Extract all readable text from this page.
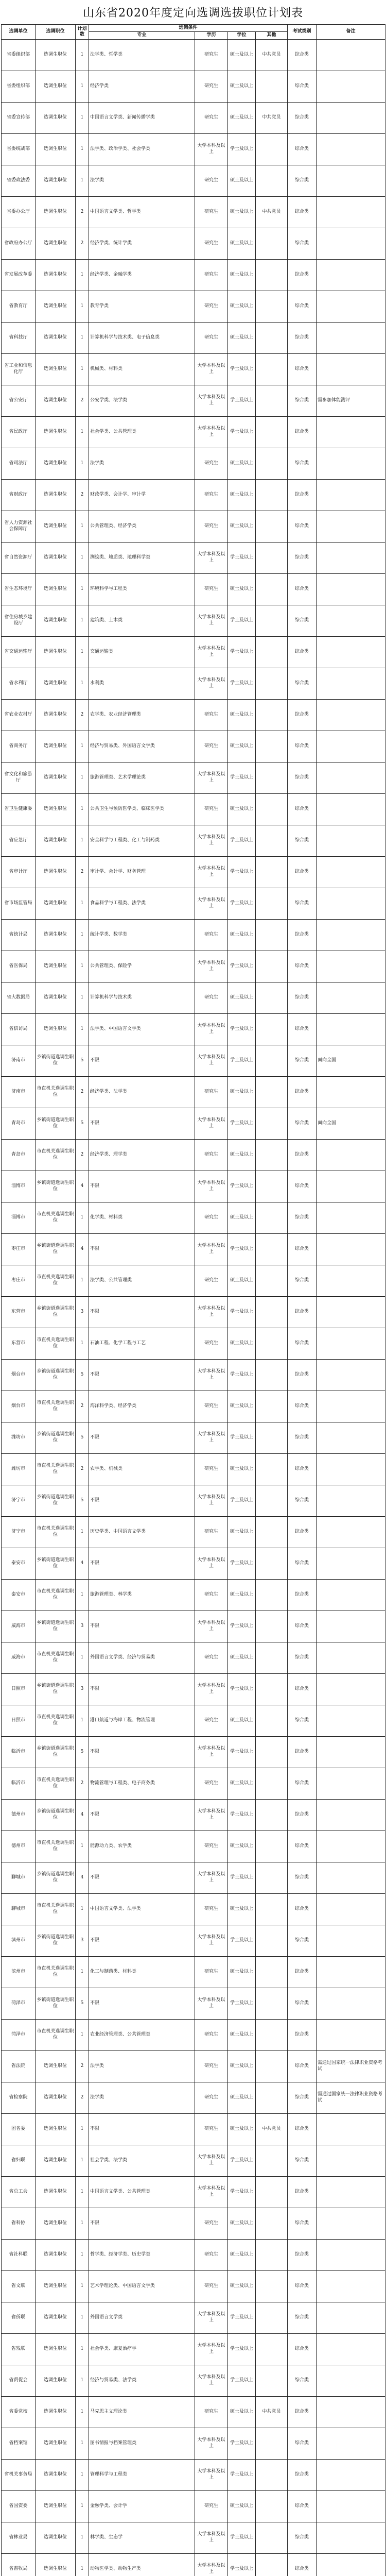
山东省2020年度定向选调选拔职位计划表
选调单位	选调职位	计划数	选调条件				考试类别	备注
			专业	学历	学位	其他		
省委组织部	选调生职位	1	法学类、哲学类	研究生	硕士及以上	中共党员	综合类	
省委组织部	选调生职位	1	经济学类	研究生	硕士及以上		综合类	
省委宣传部	选调生职位	1	中国语言文学类、新闻传播学类	研究生	硕士及以上	中共党员	综合类	
省委统战部	选调生职位	1	法学类、政治学类、社会学类	大学本科及以上	学士及以上		综合类	
省委政法委	选调生职位	1	法学类	研究生	硕士及以上		综合类	
省委办公厅	选调生职位	2	中国语言文学类、哲学类	研究生	硕士及以上	中共党员	综合类	
省政府办公厅	选调生职位	2	经济学类、统计学类	研究生	硕士及以上		综合类	
省发展改革委	选调生职位	1	经济学类、金融学类	研究生	硕士及以上		综合类	
省教育厅	选调生职位	1	教育学类	研究生	硕士及以上		综合类	
省科技厅	选调生职位	1	计算机科学与技术类、电子信息类	研究生	硕士及以上		综合类	
省工业和信息化厅	选调生职位	1	机械类、材料类	大学本科及以上	学士及以上		综合类	
省公安厅	选调生职位	2	公安学类、法学类	大学本科及以上	学士及以上		综合类	需参加体能测评
省民政厅	选调生职位	1	社会学类、公共管理类	大学本科及以上	学士及以上		综合类	
省司法厅	选调生职位	1	法学类	研究生	硕士及以上		综合类	
省财政厅	选调生职位	2	财政学类、会计学、审计学	研究生	硕士及以上		综合类	
省人力资源社会保障厅	选调生职位	1	公共管理类、经济学类	研究生	硕士及以上		综合类	
省自然资源厅	选调生职位	1	测绘类、地质类、地理科学类	大学本科及以上	学士及以上		综合类	
省生态环境厅	选调生职位	1	环境科学与工程类	研究生	硕士及以上		综合类	
省住房城乡建设厅	选调生职位	1	建筑类、土木类	大学本科及以上	学士及以上		综合类	
省交通运输厅	选调生职位	1	交通运输类	大学本科及以上	学士及以上		综合类	
省水利厅	选调生职位	1	水利类	大学本科及以上	学士及以上		综合类	
省农业农村厅	选调生职位	2	农学类、农业经济管理类	研究生	硕士及以上		综合类	
省商务厅	选调生职位	1	经济与贸易类、外国语言文学类	研究生	硕士及以上		综合类	
省文化和旅游厅	选调生职位	1	旅游管理类、艺术学理论类	大学本科及以上	学士及以上		综合类	
省卫生健康委	选调生职位	1	公共卫生与预防医学类、临床医学类	研究生	硕士及以上		综合类	
省应急厅	选调生职位	1	安全科学与工程类、化工与制药类	大学本科及以上	学士及以上		综合类	
省审计厅	选调生职位	2	审计学、会计学、财务管理	大学本科及以上	学士及以上		综合类	
省市场监管局	选调生职位	1	食品科学与工程类、法学类	大学本科及以上	学士及以上		综合类	
省统计局	选调生职位	1	统计学类、数学类	研究生	硕士及以上		综合类	
省医保局	选调生职位	1	公共管理类、保险学	大学本科及以上	学士及以上		综合类	
省大数据局	选调生职位	1	计算机科学与技术类	研究生	硕士及以上		综合类	
省信访局	选调生职位	1	法学类、中国语言文学类	大学本科及以上	学士及以上		综合类	
济南市	乡镇街道选调生职位	5	不限	大学本科及以上	学士及以上		综合类	面向全国
济南市	市直机关选调生职位	2	经济学类、法学类	研究生	硕士及以上		综合类	
青岛市	乡镇街道选调生职位	5	不限	大学本科及以上	学士及以上		综合类	面向全国
青岛市	市直机关选调生职位	2	经济学类、理学类	研究生	硕士及以上		综合类	
淄博市	乡镇街道选调生职位	4	不限	大学本科及以上	学士及以上		综合类	
淄博市	市直机关选调生职位	1	化学类、材料类	研究生	硕士及以上		综合类	
枣庄市	乡镇街道选调生职位	4	不限	大学本科及以上	学士及以上		综合类	
枣庄市	市直机关选调生职位	1	法学类、公共管理类	研究生	硕士及以上		综合类	
东营市	乡镇街道选调生职位	3	不限	大学本科及以上	学士及以上		综合类	
东营市	市直机关选调生职位	1	石油工程、化学工程与工艺	研究生	硕士及以上		综合类	
烟台市	乡镇街道选调生职位	5	不限	大学本科及以上	学士及以上		综合类	
烟台市	市直机关选调生职位	2	海洋科学类、经济学类	研究生	硕士及以上		综合类	
潍坊市	乡镇街道选调生职位	5	不限	大学本科及以上	学士及以上		综合类	
潍坊市	市直机关选调生职位	2	农学类、机械类	研究生	硕士及以上		综合类	
济宁市	乡镇街道选调生职位	5	不限	大学本科及以上	学士及以上		综合类	
济宁市	市直机关选调生职位	1	历史学类、中国语言文学类	研究生	硕士及以上		综合类	
泰安市	乡镇街道选调生职位	4	不限	大学本科及以上	学士及以上		综合类	
泰安市	市直机关选调生职位	1	旅游管理类、林学类	研究生	硕士及以上		综合类	
威海市	乡镇街道选调生职位	3	不限	大学本科及以上	学士及以上		综合类	
威海市	市直机关选调生职位	1	外国语言文学类、经济与贸易类	研究生	硕士及以上		综合类	
日照市	乡镇街道选调生职位	3	不限	大学本科及以上	学士及以上		综合类	
日照市	市直机关选调生职位	1	港口航道与海岸工程、物流管理	研究生	硕士及以上		综合类	
临沂市	乡镇街道选调生职位	5	不限	大学本科及以上	学士及以上		综合类	
临沂市	市直机关选调生职位	2	物流管理与工程类、电子商务类	研究生	硕士及以上		综合类	
德州市	乡镇街道选调生职位	4	不限	大学本科及以上	学士及以上		综合类	
德州市	市直机关选调生职位	1	能源动力类、农学类	研究生	硕士及以上		综合类	
聊城市	乡镇街道选调生职位	4	不限	大学本科及以上	学士及以上		综合类	
聊城市	市直机关选调生职位	1	中国语言文学类、法学类	研究生	硕士及以上		综合类	
滨州市	乡镇街道选调生职位	3	不限	大学本科及以上	学士及以上		综合类	
滨州市	市直机关选调生职位	1	化工与制药类、材料类	研究生	硕士及以上		综合类	
菏泽市	乡镇街道选调生职位	5	不限	大学本科及以上	学士及以上		综合类	
菏泽市	市直机关选调生职位	1	农业经济管理类、公共管理类	研究生	硕士及以上		综合类	
省法院	选调生职位	2	法学类	研究生	硕士及以上		综合类	需通过国家统一法律职业资格考试
省检察院	选调生职位	2	法学类	研究生	硕士及以上		综合类	需通过国家统一法律职业资格考试
团省委	选调生职位	1	不限	研究生	硕士及以上	中共党员	综合类	
省妇联	选调生职位	1	社会学类、法学类	大学本科及以上	学士及以上		综合类	
省总工会	选调生职位	1	中国语言文学类、公共管理类	大学本科及以上	学士及以上		综合类	
省科协	选调生职位	1	不限	研究生	硕士及以上		综合类	
省社科联	选调生职位	1	哲学类、经济学类、历史学类	研究生	硕士及以上		综合类	
省文联	选调生职位	1	艺术学理论类、中国语言文学类	研究生	硕士及以上		综合类	
省侨联	选调生职位	1	外国语言文学类	大学本科及以上	学士及以上		综合类	
省残联	选调生职位	1	社会学类、康复治疗学	大学本科及以上	学士及以上		综合类	
省贸促会	选调生职位	1	经济与贸易类、法学类	大学本科及以上	学士及以上		综合类	
省委党校	选调生职位	1	马克思主义理论类	研究生	硕士及以上	中共党员	综合类	
省档案馆	选调生职位	1	图书情报与档案管理类	大学本科及以上	学士及以上		综合类	
省机关事务局	选调生职位	1	管理科学与工程类	大学本科及以上	学士及以上		综合类	
省国资委	选调生职位	1	金融学类、会计学	研究生	硕士及以上		综合类	
省林业局	选调生职位	1	林学类、生态学	大学本科及以上	学士及以上		综合类	
省畜牧局	选调生职位	1	动物医学类、动物生产类	大学本科及以上	学士及以上		综合类	
